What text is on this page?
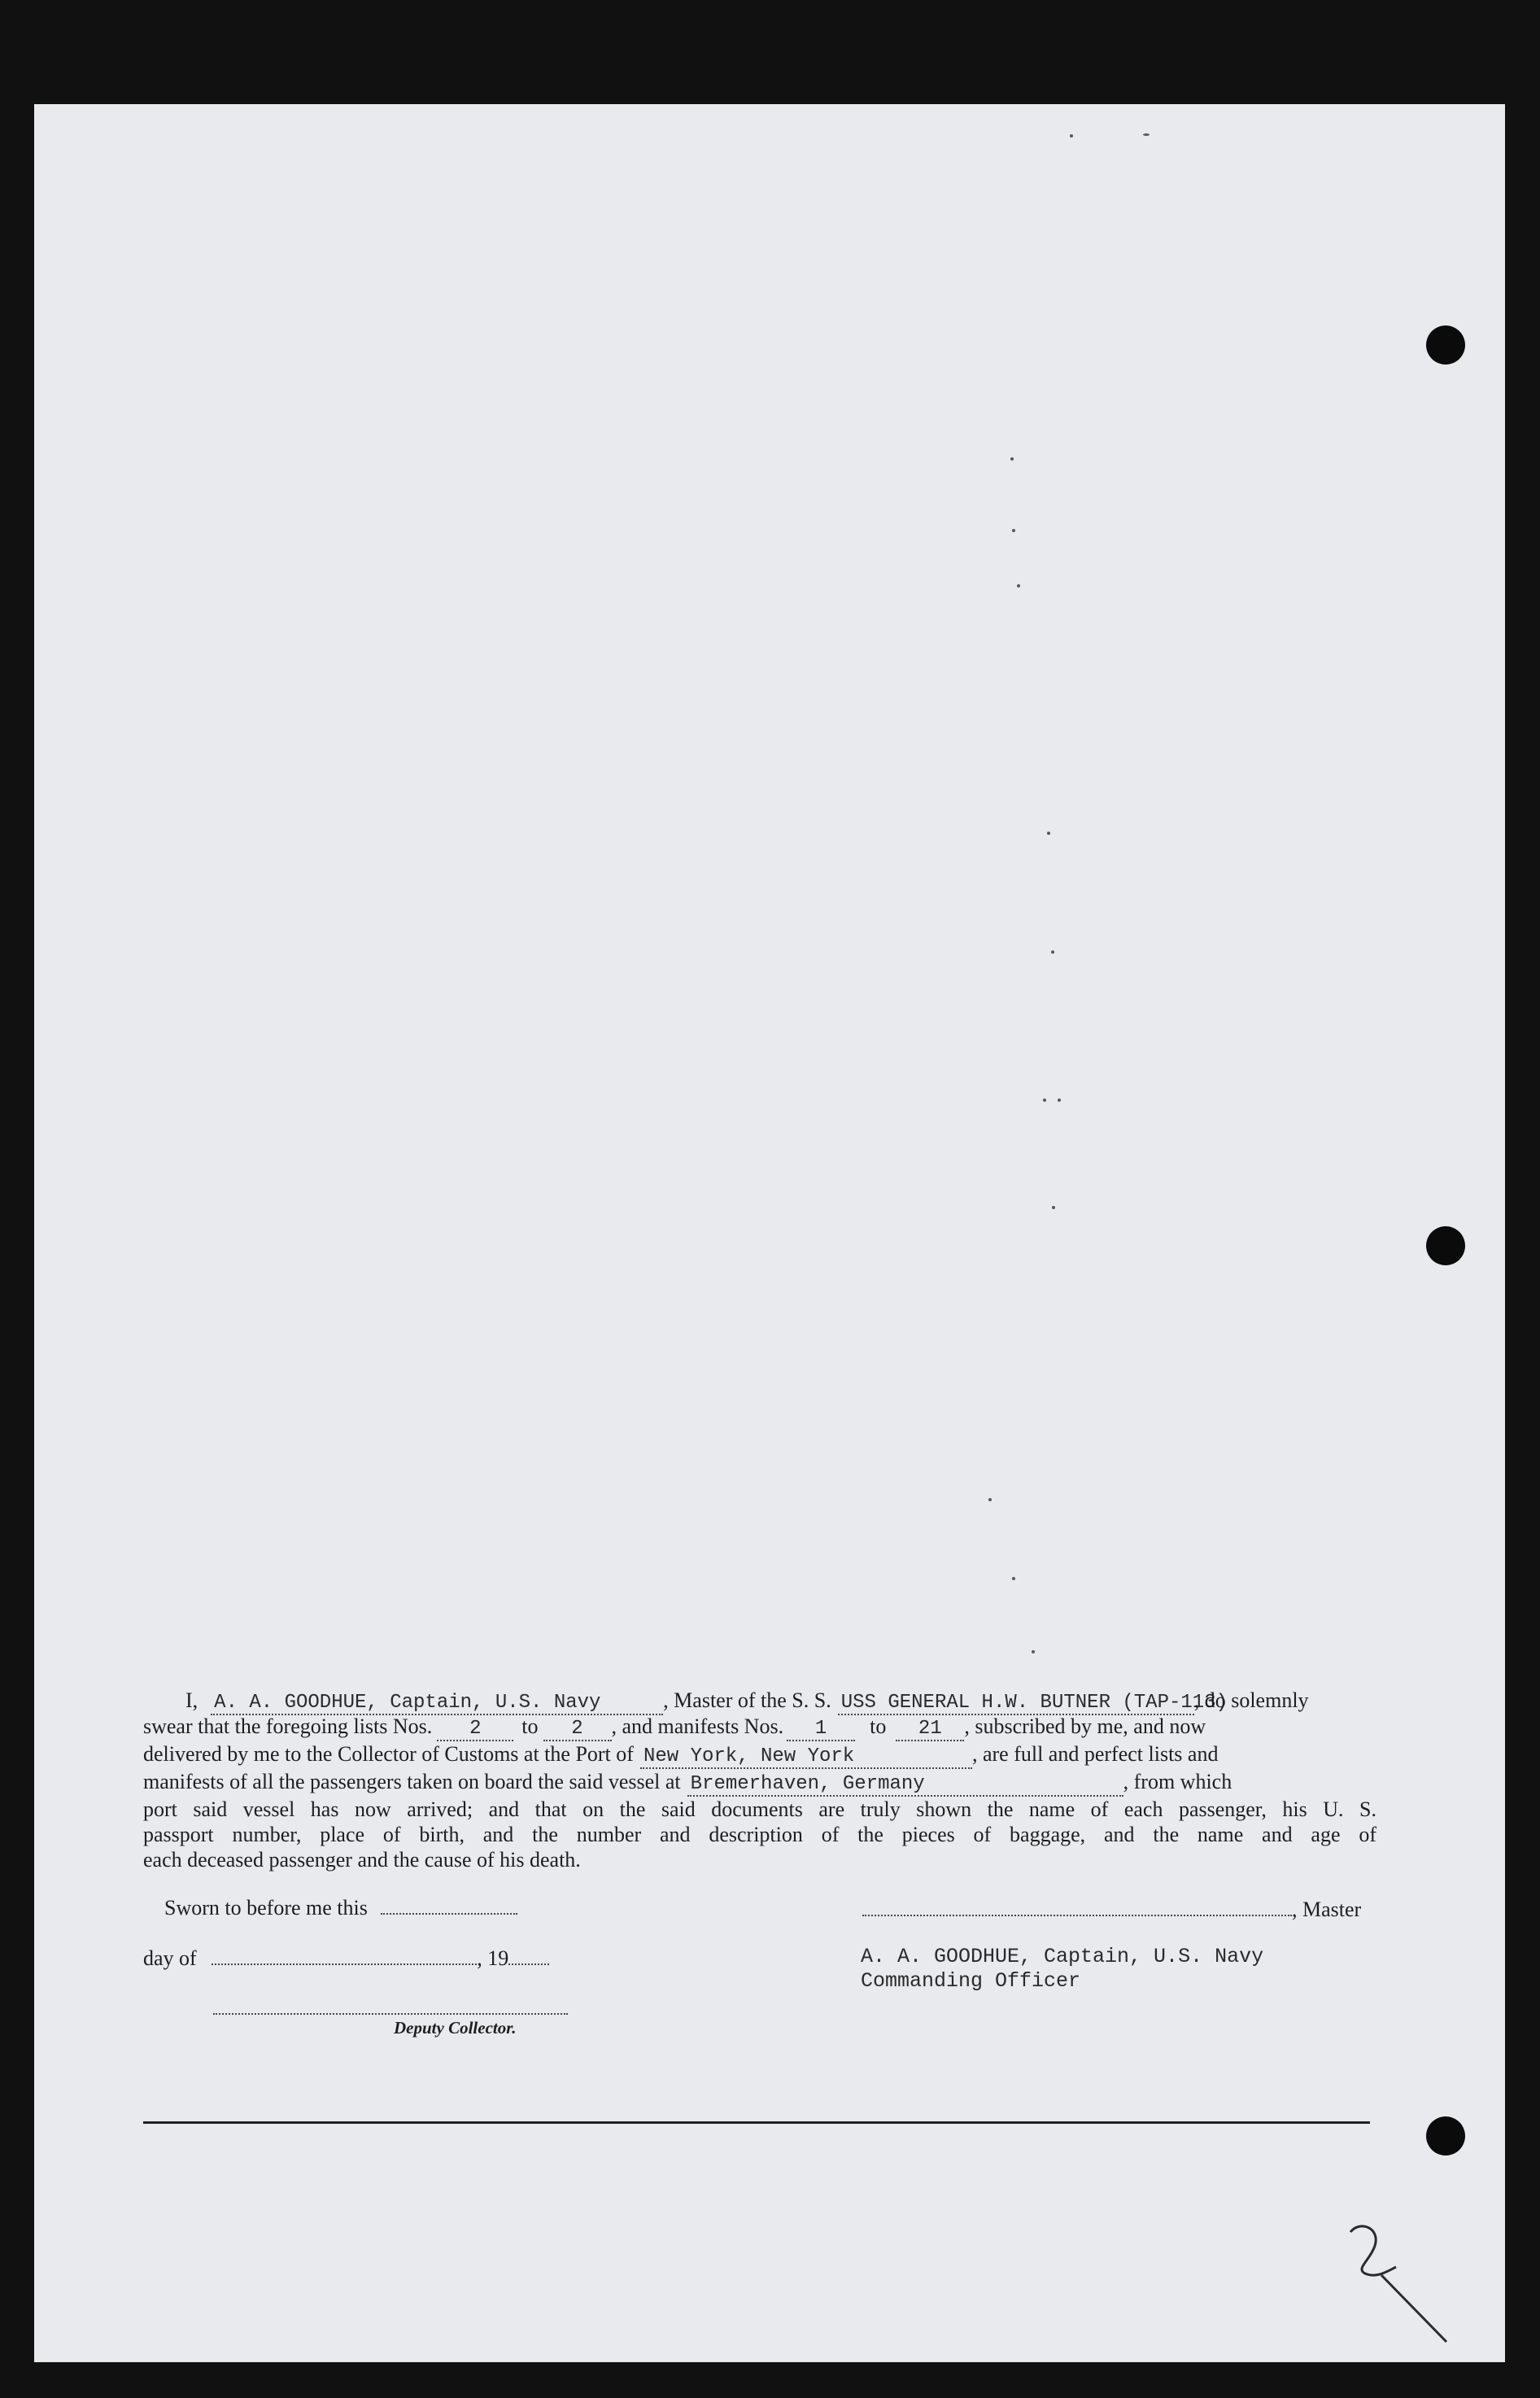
I, A. A. GOODHUE, Captain, U.S. Navy	, Master of the S. S. USS GENERAL H.W. BUTNER (TAP-113)
, do solemnly
swear that the foregoing lists Nos.	2	to	2	, and manifests Nos.	1	to	21	, subscribed by me, and now
delivered by me to the Collector of Customs at the Port of New York, New York	, are full and perfect lists and
manifests of all the passengers taken on board the said vessel at Bremerhaven, Germany	, from which
port said vessel has now arrived; and that on the said documents are truly shown the name of each passenger, his U. S.
passport number, place of birth, and the number and description of the pieces of baggage, and the name and age of
each deceased passenger and the cause of his death.
Sworn to before me this
day of	, 19
Deputy Collector.
, Master
A. A. GOODHUE, Captain, U.S. Navy
Commanding Officer
